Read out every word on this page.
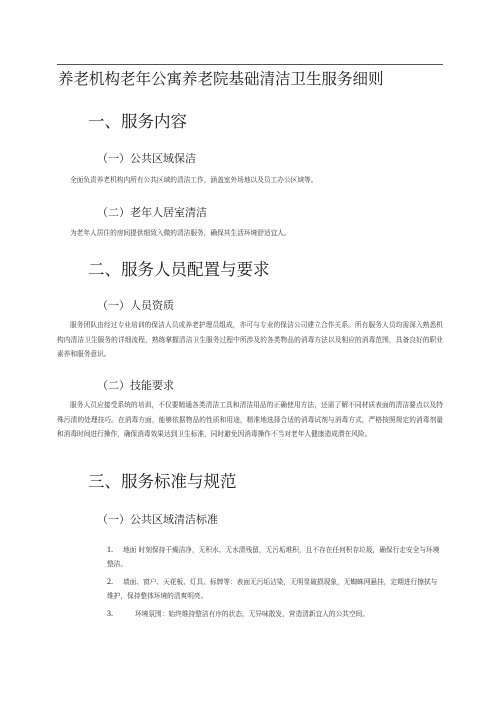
养老机构老年公寓养老院基础清洁卫生服务细则
一、服务内容
（一）公共区域保洁
全面负责养老机构内所有公共区域的清洁工作，涵盖室外场地以及员工办公区域等。
（二）老年人居室清洁
为老年人居住的房间提供细致入微的清洁服务，确保其生活环境舒适宜人。
二、服务人员配置与要求
（一）人员资质
服务团队由经过专业培训的保洁人员或养老护理员组成，亦可与专业的保洁公司建立合作关系。所有服务人员均需深入熟悉机构内清洁卫生服务的详细流程，熟练掌握清洁卫生服务过程中所涉及的各类物品的消毒方法以及相应的消毒范围，具备良好的职业素养和服务意识。
（二）技能要求
服务人员应接受系统的培训，不仅要精通各类清洁工具和清洁用品的正确使用方法，还需了解不同材质表面的清洁要点以及特殊污渍的处理技巧。在消毒方面，能够依据物品的性质和用途，精准地选择合适的消毒试剂与消毒方式，严格按照规定的消毒剂量和消毒时间进行操作，确保消毒效果达到卫生标准，同时避免因消毒操作不当对老年人健康造成潜在风险。
三、服务标准与规范
（一）公共区域清洁标准
1. 地面 时刻保持干燥洁净，无积水、无水渍残留，无污垢堆积，且不存在任何积存垃圾，确保行走安全与环境整洁。
2. 墙面、窗户、天花板、灯具、标牌等：表面无污垢沾染，无明显破损现象，无蜘蛛网悬挂，定期进行擦拭与维护，保持整体环境的清爽明亮。
3.	环境氛围：始终维持整洁有序的状态，无异味散发，营造清新宜人的公共空间。
